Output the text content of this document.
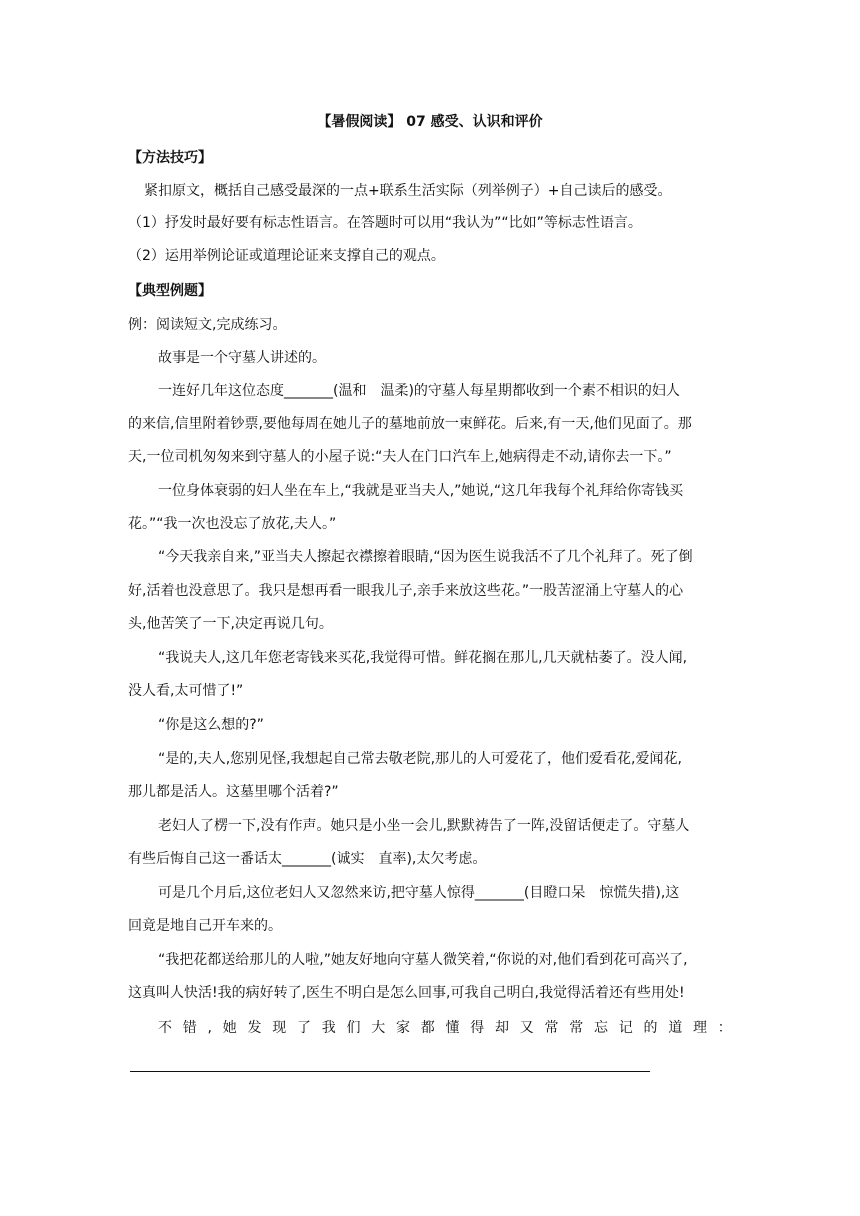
【暑假阅读】 07 感受、认识和评价
【方法技巧】
紧扣原文，概括自己感受最深的一点+联系生活实际（列举例子）+自己读后的感受。
（1）抒发时最好要有标志性语言。在答题时可以用“我认为”“比如”等标志性语言。
（2）运用举例论证或道理论证来支撑自己的观点。
【典型例题】
例：阅读短文,完成练习。
故事是一个守墓人讲述的。
一连好几年这位态度_______(温和　温柔)的守墓人每星期都收到一个素不相识的妇人
的来信,信里附着钞票,要他每周在她儿子的墓地前放一束鲜花。后来,有一天,他们见面了。那
天,一位司机匆匆来到守墓人的小屋子说:“夫人在门口汽车上,她病得走不动,请你去一下。”
一位身体衰弱的妇人坐在车上,“我就是亚当夫人,”她说,“这几年我每个礼拜给你寄钱买
花。”“我一次也没忘了放花,夫人。”
“今天我亲自来,”亚当夫人擦起衣襟擦着眼睛,“因为医生说我活不了几个礼拜了。死了倒
好,活着也没意思了。我只是想再看一眼我儿子,亲手来放这些花。”一股苦涩涌上守墓人的心
头,他苦笑了一下,决定再说几句。
“我说夫人,这几年您老寄钱来买花,我觉得可惜。鲜花搁在那儿,几天就枯萎了。没人闻,
没人看,太可惜了!”
“你是这么想的?”
“是的,夫人,您别见怪,我想起自己常去敬老院,那儿的人可爱花了，他们爱看花,爱闻花,
那儿都是活人。这墓里哪个活着?”
老妇人了楞一下,没有作声。她只是小坐一会儿,默默祷告了一阵,没留话便走了。守墓人
有些后悔自己这一番话太_______(诚实　直率),太欠考虑。
可是几个月后,这位老妇人又忽然来访,把守墓人惊得_______(目瞪口呆　惊慌失措),这
回竟是地自己开车来的。
“我把花都送给那儿的人啦,”她友好地向守墓人微笑着,“你说的对,他们看到花可高兴了,
这真叫人快活!我的病好转了,医生不明白是怎么回事,可我自己明白,我觉得活着还有些用处!
不 错 , 她 发 现 了 我 们 大 家 都 懂 得 却 又 常 常 忘 记 的 道 理 ：
